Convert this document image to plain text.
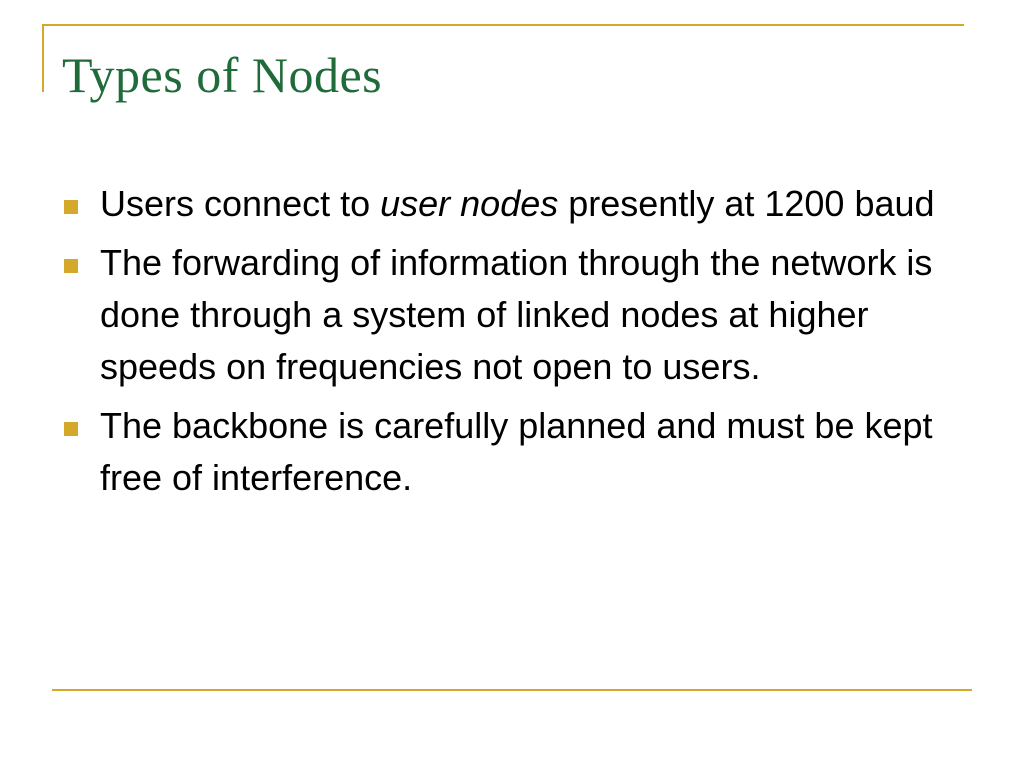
Types of Nodes
Users connect to user nodes presently at 1200 baud
The forwarding of information through the network is done through a system of linked nodes at higher speeds on frequencies not open to users.
The backbone is carefully planned and must be kept free of interference.
